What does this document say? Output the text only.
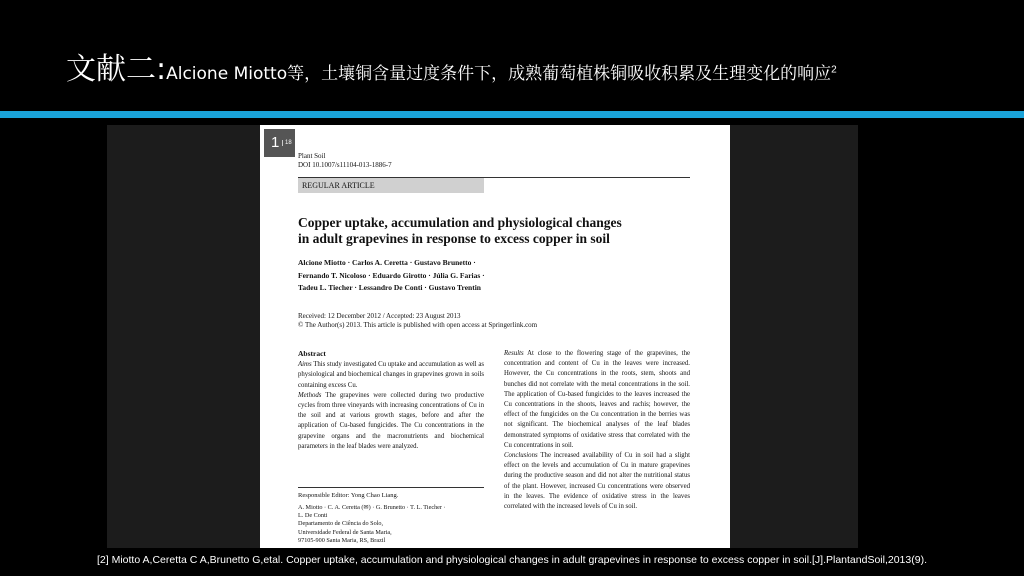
文献二:Alcione Miotto等，土壤铜含量过度条件下，成熟葡萄植株铜吸收积累及生理变化的响应$^2$
1 18
Plant Soil
DOI 10.1007/s11104-013-1886-7
REGULAR ARTICLE
Copper uptake, accumulation and physiological changes
in adult grapevines in response to excess copper in soil
Alcione Miotto · Carlos A. Ceretta · Gustavo Brunetto ·
Fernando T. Nicoloso · Eduardo Girotto · Júlia G. Farias ·
Tadeu L. Tiecher · Lessandro De Conti · Gustavo Trentin
Received: 12 December 2012 / Accepted: 23 August 2013
© The Author(s) 2013. This article is published with open access at Springerlink.com
Abstract
Aims This study investigated Cu uptake and accumulation as well as physiological and biochemical changes in grapevines grown in soils containing excess Cu.
Methods The grapevines were collected during two productive cycles from three vineyards with increasing concentrations of Cu in the soil and at various growth stages, before and after the application of Cu-based fungicides. The Cu concentrations in the grapevine organs and the macronutrients and biochemical parameters in the leaf blades were analyzed.
Results At close to the flowering stage of the grapevines, the concentration and content of Cu in the leaves were increased. However, the Cu concentrations in the roots, stem, shoots and bunches did not correlate with the metal concentrations in the soil. The application of Cu-based fungicides to the leaves increased the Cu concentrations in the shoots, leaves and rachis; however, the effect of the fungicides on the Cu concentration in the berries was not significant. The biochemical analyses of the leaf blades demonstrated symptoms of oxidative stress that correlated with the Cu concentrations in soil.
Conclusions The increased availability of Cu in soil had a slight effect on the levels and accumulation of Cu in mature grapevines during the productive season and did not alter the nutritional status of the plant. However, increased Cu concentrations were observed in the leaves. The evidence of oxidative stress in the leaves correlated with the increased levels of Cu in soil.
Responsible Editor: Yong Chao Liang.
A. Miotto · C. A. Ceretta (✉) · G. Brunetto · T. L. Tiecher ·
L. De Conti
Departamento de Ciência do Solo,
Universidade Federal de Santa Maria,
97105-900 Santa Maria, RS, Brazil
[2] Miotto A,Ceretta C A,Brunetto G,etal. Copper uptake, accumulation and physiological changes in adult grapevines in response to excess copper in soil.[J].PlantandSoil,2013(9).
